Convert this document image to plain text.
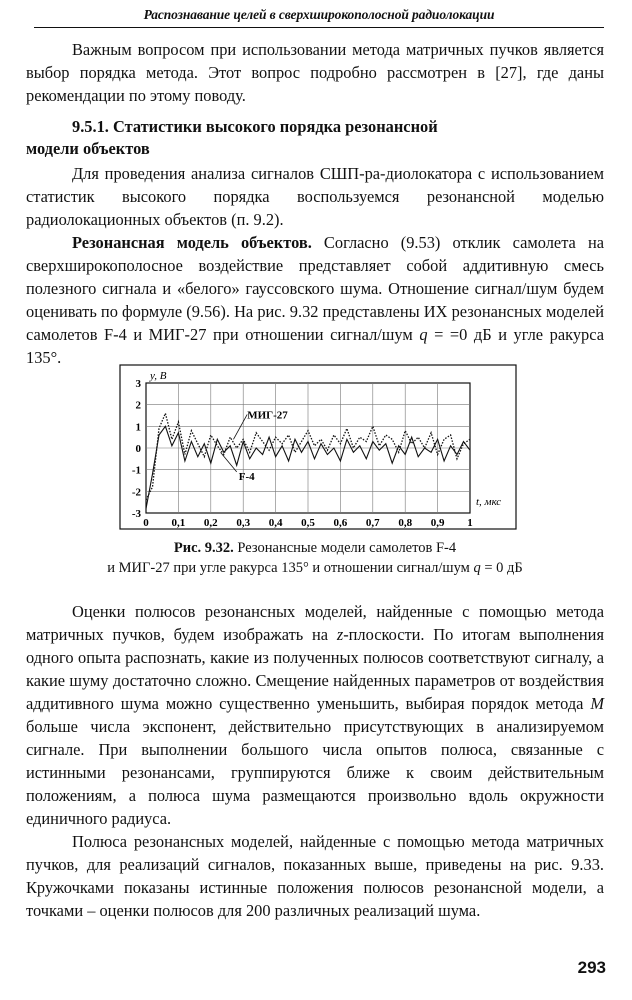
Распознавание целей в сверхширокополосной радиолокации

Важным вопросом при использовании метода матричных пучков является выбор порядка метода. Этот вопрос подробно рассмотрен в [27], где даны рекомендации по этому поводу.

9.5.1. Статистики высокого порядка резонансной модели объектов

Для проведения анализа сигналов СШП-ра-диолокатора с использованием статистик высокого порядка воспользуемся резонансной моделью радиолокационных объектов (п. 9.2).

Резонансная модель объектов. Согласно (9.53) отклик самолета на сверхширокополосное воздействие представляет собой аддитивную смесь полезного сигнала и «белого» гауссовского шума. Отношение сигнал/шум будем оценивать по формуле (9.56). На рис. 9.32 представлены ИХ резонансных моделей самолетов F-4 и МИГ-27 при отношении сигнал/шум q = =0 дБ и угле ракурса 135°.

3
2
1
0
-1
-2
-3
0 0,1 0,2 0,3 0,4 0,5 0,6 0,7 0,8 0,9 1
y, В
t, мкс
МИГ-27
F-4
Рис. 9.32. Резонансные модели самолетов F-4
и МИГ-27 при угле ракурса 135° и отношении сигнал/шум q = 0 дБ

Оценки полюсов резонансных моделей, найденные с помощью метода матричных пучков, будем изображать на z-плоскости. По итогам выполнения одного опыта распознать, какие из полученных полюсов соответствуют сигналу, а какие шуму достаточно сложно. Смещение найденных параметров от воздействия аддитивного шума можно существенно уменьшить, выбирая порядок метода M больше числа экспонент, действительно присутствующих в анализируемом сигнале. При выполнении большого числа опытов полюса, связанные с истинными резонансами, группируются ближе к своим действительным положениям, а полюса шума размещаются произвольно вдоль окружности единичного радиуса.

Полюса резонансных моделей, найденные с помощью метода матричных пучков, для реализаций сигналов, показанных выше, приведены на рис. 9.33. Кружочками показаны истинные положения полюсов резонансной модели, а точками – оценки полюсов для 200 различных реализаций шума.

293
